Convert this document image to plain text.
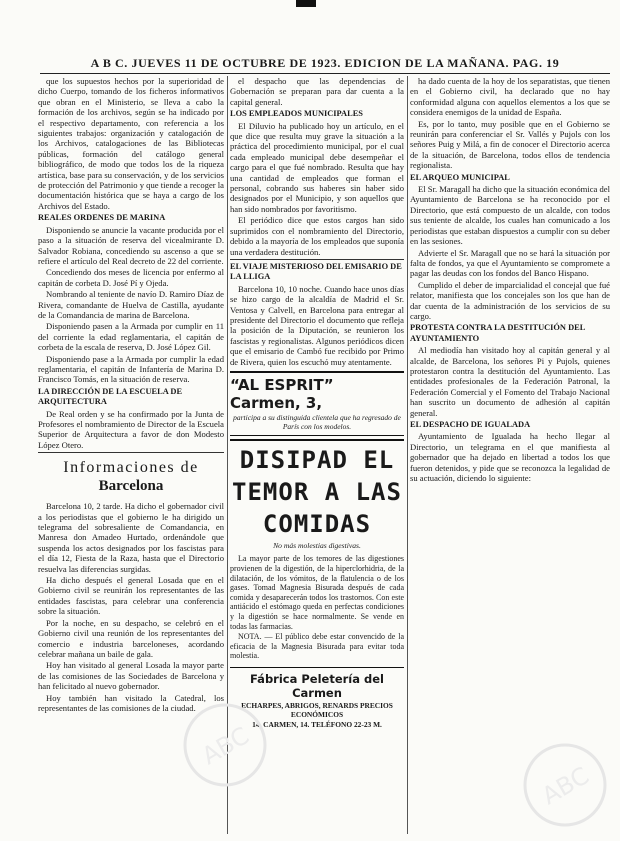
A B C. JUEVES 11 DE OCTUBRE DE 1923. EDICION DE LA MAÑANA. PAG. 19

que los supuestos hechos por la superioridad de dicho Cuerpo, tomando de los ficheros informativos que obran en el Ministerio, se lleva a cabo la formación de los archivos, según se ha indicado por el respectivo departamento, con referencia a los siguientes trabajos: organización y catalogación de los Archivos, catalogaciones de las Bibliotecas públicas, formación del catálogo general bibliográfico, de modo que todos los de la riqueza artística, base para su conservación, y de los servicios de protección del Patrimonio y que tiende a recoger la documentación histórica que se haya a cargo de los Archivos del Estado.

REALES ORDENES DE MARINA

Disponiendo se anuncie la vacante producida por el paso a la situación de reserva del vicealmirante D. Salvador Robiana, concediendo su ascenso a que se refiere el artículo del Real decreto de 22 del corriente.

Concediendo dos meses de licencia por enfermo al capitán de corbeta D. José Pí y Ojeda.

Nombrando al teniente de navío D. Ramiro Díaz de Rivera, comandante de Huelva de Castilla, ayudante de la Comandancia de marina de Barcelona.

Disponiendo pasen a la Armada por cumplir en 11 del corriente la edad reglamentaria, el capitán de corbeta de la escala de reserva, D. José López Gil.

Disponiendo pase a la Armada por cumplir la edad reglamentaria, el capitán de Infantería de Marina D. Francisco Tomás, en la situación de reserva.

LA DIRECCIÓN DE LA ESCUELA DE ARQUITECTURA

De Real orden y se ha confirmado por la Junta de Profesores el nombramiento de Director de la Escuela Superior de Arquitectura a favor de don Modesto López Otero.

Informaciones de

Barcelona

Barcelona 10, 2 tarde. Ha dicho el gobernador civil a los periodistas que el gobierno le ha dirigido un telegrama del sobresaliente de Comandancia, en Manresa don Amadeo Hurtado, ordenándole que suspenda los actos designados por los fascistas para el día 12, Fiesta de la Raza, hasta que el Directorio resuelva las diferencias surgidas.

Ha dicho después el general Losada que en el Gobierno civil se reunirán los representantes de las entidades fascistas, para celebrar una conferencia sobre la situación.

Por la noche, en su despacho, se celebró en el Gobierno civil una reunión de los representantes del comercio e industria barceloneses, acordando celebrar mañana un baile de gala.

Hoy han visitado al general Losada la mayor parte de las comisiones de las Sociedades de Barcelona y han felicitado al nuevo gobernador.

Hoy también han visitado la Catedral, los representantes de las comisiones de la ciudad.

el despacho que las dependencias de Gobernación se preparan para dar cuenta a la capital general.

LOS EMPLEADOS MUNICIPALES

El Diluvio ha publicado hoy un artículo, en el que dice que resulta muy grave la situación a la práctica del procedimiento municipal, por el cual cada empleado municipal debe desempeñar el cargo para el que fué nombrado. Resulta que hay una cantidad de empleados que forman el personal, cobrando sus haberes sin haber sido designados por el Municipio, y son aquellos que han sido nombrados por favoritismo.

El periódico dice que estos cargos han sido suprimidos con el nombramiento del Directorio, debido a la mayoría de los empleados que suponía una verdadera destitución.

EL VIAJE MISTERIOSO DEL EMISARIO DE LA LLIGA

Barcelona 10, 10 noche. Cuando hace unos días se hizo cargo de la alcaldía de Madrid el Sr. Ventosa y Calvell, en Barcelona para entregar al presidente del Directorio el documento que refleja la posición de la Diputación, se reunieron los fascistas y regionalistas. Algunos periódicos dicen que el emisario de Cambó fue recibido por Primo de Rivera, quien los escuchó muy atentamente.

“AL ESPRIT” Carmen, 3,

participa a su distinguida clientela que ha regresado de París con los modelos.

DISIPAD EL TEMOR A LAS COMIDAS

No más molestias digestivas.

La mayor parte de los temores de las digestiones provienen de la digestión, de la hiperclorhidria, de la dilatación, de los vómitos, de la flatulencia o de los gases. Tomad Magnesia Bisurada después de cada comida y desaparecerán todos los trastornos. Con este antiácido el estómago queda en perfectas condiciones y la digestión se hace normalmente. Se vende en todas las farmacias.

NOTA. — El público debe estar convencido de la eficacia de la Magnesia Bisurada para evitar toda molestia.

Fábrica Peletería del Carmen

ECHARPES, ABRIGOS, RENARDS PRECIOS ECONÓMICOS

14, CARMEN, 14. TELÉFONO 22-23 M.

ha dado cuenta de la hoy de los separatistas, que tienen en el Gobierno civil, ha declarado que no hay conformidad alguna con aquellos elementos a los que se considera enemigos de la unidad de España.

Es, por lo tanto, muy posible que en el Gobierno se reunirán para conferenciar el Sr. Vallés y Pujols con los señores Puig y Milá, a fin de conocer el Directorio acerca de la situación, de Barcelona, todos ellos de tendencia regionalista.

EL ARQUEO MUNICIPAL

El Sr. Maragall ha dicho que la situación económica del Ayuntamiento de Barcelona se ha reconocido por el Directorio, que está compuesto de un alcalde, con todos sus teniente de alcalde, los cuales han comunicado a los periodistas que estaban dispuestos a cumplir con su deber en las sesiones.

Advierte el Sr. Maragall que no se hará la situación por falta de fondos, ya que el Ayuntamiento se compromete a pagar las deudas con los fondos del Banco Hispano.

Cumplido el deber de imparcialidad el concejal que fué relator, manifiesta que los concejales son los que han de dar cuenta de la administración de los servicios de su cargo.

PROTESTA CONTRA LA DESTITUCIÓN DEL AYUNTAMIENTO

Al mediodía han visitado hoy al capitán general y al alcalde, de Barcelona, los señores Pi y Pujols, quienes protestaron contra la destitución del Ayuntamiento. Las entidades profesionales de la Federación Patronal, la Federación Comercial y el Fomento del Trabajo Nacional han suscrito un documento de adhesión al capitán general.

EL DESPACHO DE IGUALADA

Ayuntamiento de Igualada ha hecho llegar al Directorio, un telegrama en el que manifiesta al gobernador que ha dejado en libertad a todos los que fueron detenidos, y pide que se reconozca la legalidad de su actuación, diciendo lo siguiente:

ABC
ABC
